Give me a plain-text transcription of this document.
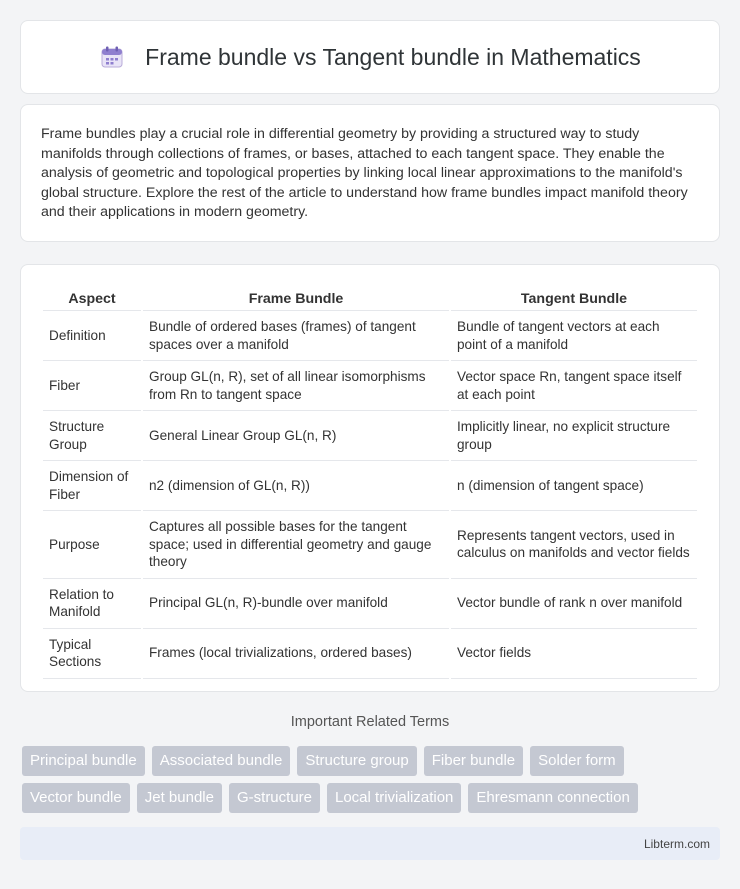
Frame bundle vs Tangent bundle in Mathematics

Frame bundles play a crucial role in differential geometry by providing a structured way to study manifolds through collections of frames, or bases, attached to each tangent space. They enable the analysis of geometric and topological properties by linking local linear approximations to the manifold's global structure. Explore the rest of the article to understand how frame bundles impact manifold theory and their applications in modern geometry.

Aspect	Frame Bundle	Tangent Bundle
Definition	Bundle of ordered bases (frames) of tangent spaces over a manifold	Bundle of tangent vectors at each point of a manifold
Fiber	Group GL(n, R), set of all linear isomorphisms from Rn to tangent space	Vector space Rn, tangent space itself at each point
Structure Group	General Linear Group GL(n, R)	Implicitly linear, no explicit structure group
Dimension of Fiber	n2 (dimension of GL(n, R))	n (dimension of tangent space)
Purpose	Captures all possible bases for the tangent space; used in differential geometry and gauge theory	Represents tangent vectors, used in calculus on manifolds and vector fields
Relation to Manifold	Principal GL(n, R)-bundle over manifold	Vector bundle of rank n over manifold
Typical Sections	Frames (local trivializations, ordered bases)	Vector fields
Important Related Terms
Principal bundle	Associated bundle	Structure group	Fiber bundle	Solder form
Vector bundle	Jet bundle	G-structure	Local trivialization	Ehresmann connection
Libterm.com
